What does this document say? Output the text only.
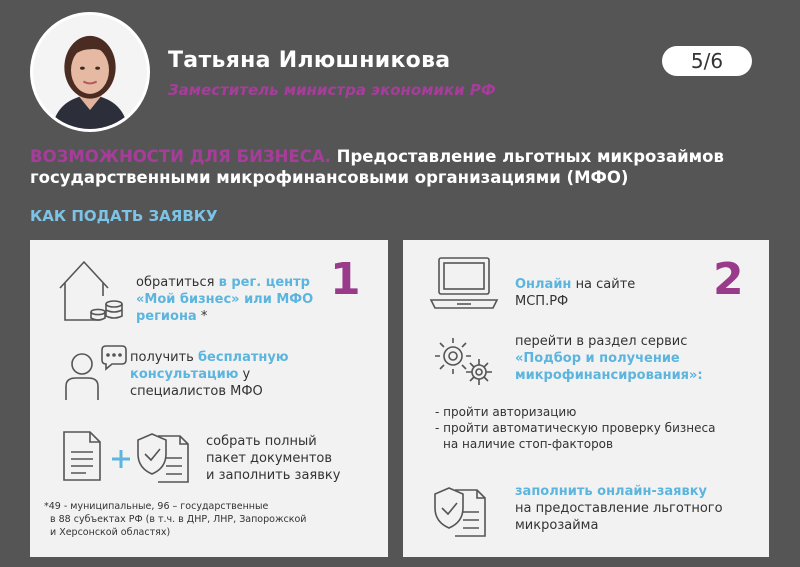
Татьяна Илюшникова
Заместитель министра экономики РФ
5/6
ВОЗМОЖНОСТИ ДЛЯ БИЗНЕСА. Предоставление льготных микрозаймов государственными микрофинансовыми организациями (МФО)
КАК ПОДАТЬ ЗАЯВКУ
1
обратиться в рег. центр «Мой бизнес» или МФО региона *
получить бесплатную консультацию у специалистов МФО
собрать полный
пакет документов
и заполнить заявку
*49 - муниципальные, 96 – государственные
в 88 субъектах РФ (в т.ч. в ДНР, ЛНР, Запорожской
и Херсонской областях)
2
Онлайн на сайте
МСП.РФ
перейти в раздел сервис
«Подбор и получение микрофинансирования»:
- пройти авторизацию
- пройти автоматическую проверку бизнеса
на наличие стоп-факторов
заполнить онлайн-заявку
на предоставление льготного
микрозайма
